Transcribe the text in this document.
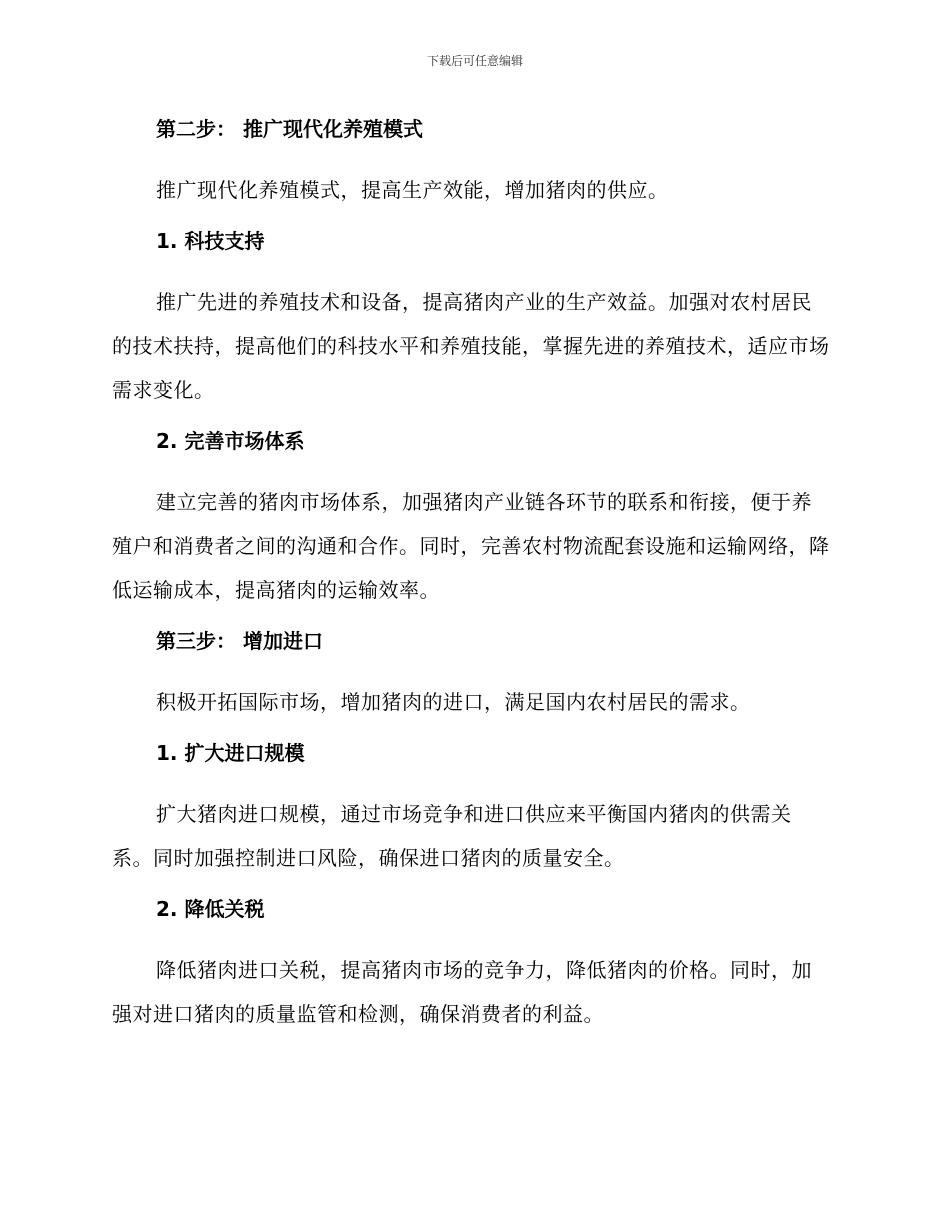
下载后可任意编辑
第二步： 推广现代化养殖模式
推广现代化养殖模式，提高生产效能，增加猪肉的供应。
1. 科技支持
推广先进的养殖技术和设备，提高猪肉产业的生产效益。加强对农村居民的技术扶持，提高他们的科技水平和养殖技能，掌握先进的养殖技术，适应市场需求变化。
2. 完善市场体系
建立完善的猪肉市场体系，加强猪肉产业链各环节的联系和衔接，便于养殖户和消费者之间的沟通和合作。同时，完善农村物流配套设施和运输网络，降低运输成本，提高猪肉的运输效率。
第三步： 增加进口
积极开拓国际市场，增加猪肉的进口，满足国内农村居民的需求。
1. 扩大进口规模
扩大猪肉进口规模，通过市场竞争和进口供应来平衡国内猪肉的供需关系。同时加强控制进口风险，确保进口猪肉的质量安全。
2. 降低关税
降低猪肉进口关税，提高猪肉市场的竞争力，降低猪肉的价格。同时，加强对进口猪肉的质量监管和检测，确保消费者的利益。
